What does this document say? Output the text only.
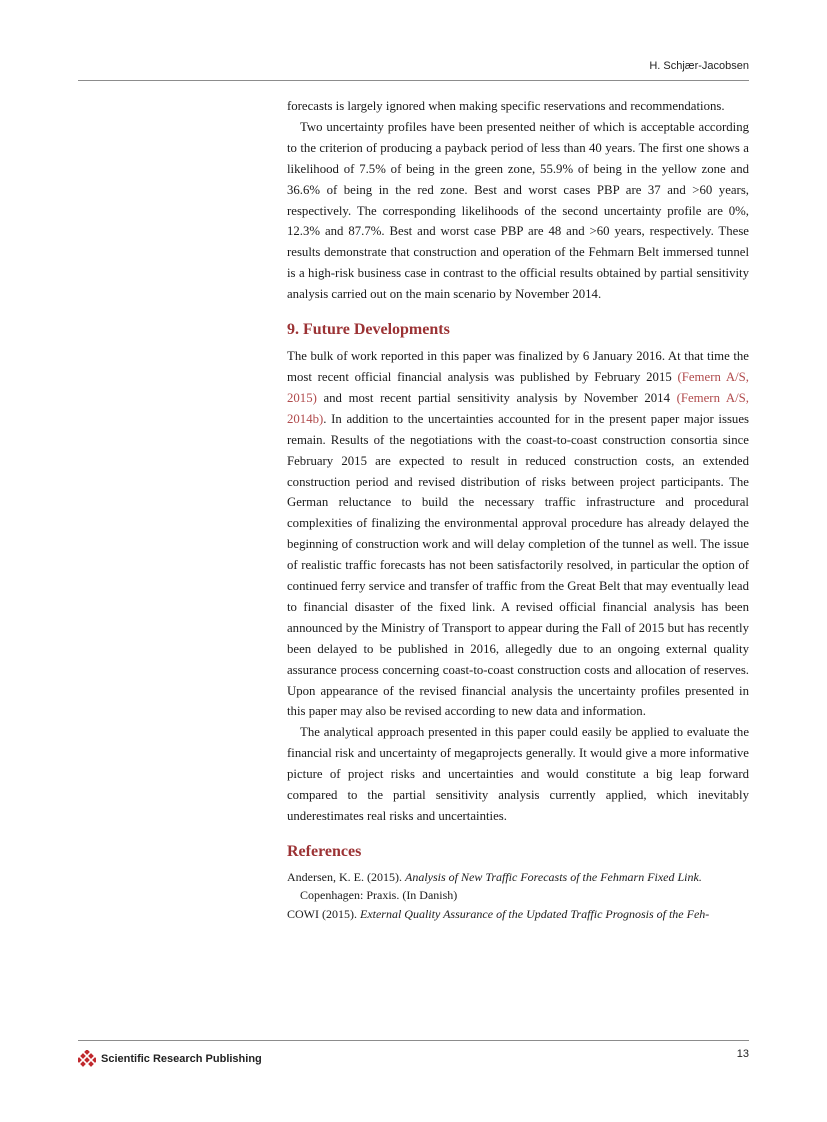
H. Schjær-Jacobsen

forecasts is largely ignored when making specific reservations and recommendations.

Two uncertainty profiles have been presented neither of which is acceptable according to the criterion of producing a payback period of less than 40 years. The first one shows a likelihood of 7.5% of being in the green zone, 55.9% of being in the yellow zone and 36.6% of being in the red zone. Best and worst cases PBP are 37 and >60 years, respectively. The corresponding likelihoods of the second uncertainty profile are 0%, 12.3% and 87.7%. Best and worst case PBP are 48 and >60 years, respectively. These results demonstrate that construction and operation of the Fehmarn Belt immersed tunnel is a high-risk business case in contrast to the official results obtained by partial sensitivity analysis carried out on the main scenario by November 2014.

9. Future Developments

The bulk of work reported in this paper was finalized by 6 January 2016. At that time the most recent official financial analysis was published by February 2015 (Femern A/S, 2015) and most recent partial sensitivity analysis by November 2014 (Femern A/S, 2014b). In addition to the uncertainties accounted for in the present paper major issues remain. Results of the negotiations with the coast-to-coast construction consortia since February 2015 are expected to result in reduced construction costs, an extended construction period and revised distribution of risks between project participants. The German reluctance to build the necessary traffic infrastructure and procedural complexities of finalizing the environmental approval procedure has already delayed the beginning of construction work and will delay completion of the tunnel as well. The issue of realistic traffic forecasts has not been satisfactorily resolved, in particular the option of continued ferry service and transfer of traffic from the Great Belt that may eventually lead to financial disaster of the fixed link. A revised official financial analysis has been announced by the Ministry of Transport to appear during the Fall of 2015 but has recently been delayed to be published in 2016, allegedly due to an ongoing external quality assurance process concerning coast-to-coast construction costs and allocation of reserves. Upon appearance of the revised financial analysis the uncertainty profiles presented in this paper may also be revised according to new data and information.

The analytical approach presented in this paper could easily be applied to evaluate the financial risk and uncertainty of megaprojects generally. It would give a more informative picture of project risks and uncertainties and would constitute a big leap forward compared to the partial sensitivity analysis currently applied, which inevitably underestimates real risks and uncertainties.

References

Andersen, K. E. (2015). Analysis of New Traffic Forecasts of the Fehmarn Fixed Link. Copenhagen: Praxis. (In Danish)

COWI (2015). External Quality Assurance of the Updated Traffic Prognosis of the Feh-

Scientific Research Publishing	13
